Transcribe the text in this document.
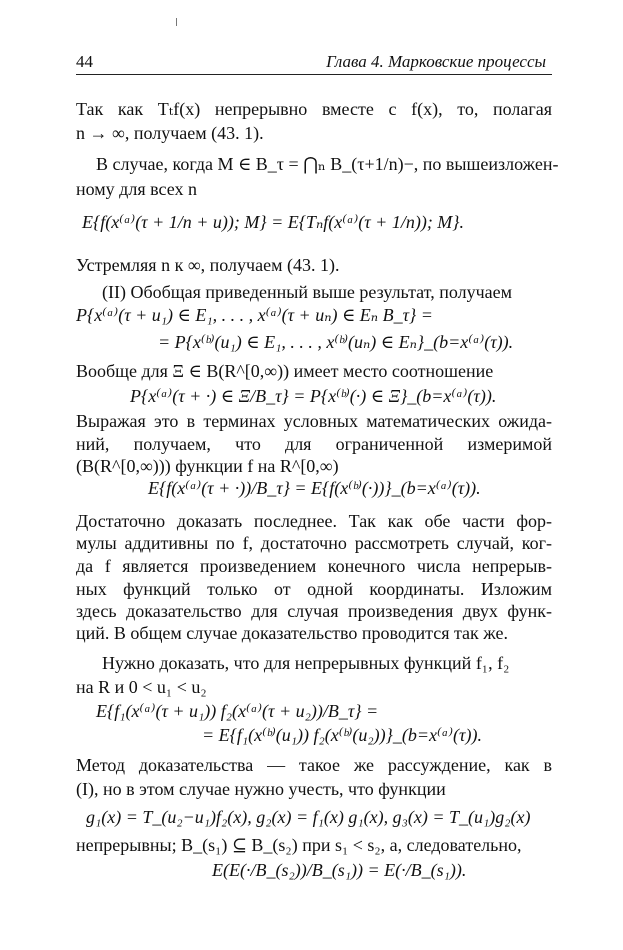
44	Глава 4. Марковские процессы
Так как Tₜf(x) непрерывно вместе с f(x), то, полагая
n → ∞, получаем (43. 1).
В случае, когда M ∈ B_τ = ⋂ₙ B_(τ+1/n)−, по вышеизложен-
ному для всех n
E{f(x⁽ᵃ⁾(τ + 1/n + u)); M} = E{Tₙf(x⁽ᵃ⁾(τ + 1/n)); M}.
Устремляя n к ∞, получаем (43. 1).
(II) Обобщая приведенный выше результат, получаем
P{x⁽ᵃ⁾(τ + u₁) ∈ E₁, . . . , x⁽ᵃ⁾(τ + uₙ) ∈ Eₙ B_τ} =
= P{x⁽ᵇ⁾(u₁) ∈ E₁, . . . , x⁽ᵇ⁾(uₙ) ∈ Eₙ}_(b=x⁽ᵃ⁾(τ)).
Вообще для Ξ ∈ B(R^[0,∞)) имеет место соотношение
P{x⁽ᵃ⁾(τ + ·) ∈ Ξ/B_τ} = P{x⁽ᵇ⁾(·) ∈ Ξ}_(b=x⁽ᵃ⁾(τ)).
Выражая это в терминах условных математических ожида-
ний, получаем, что для ограниченной измеримой
(B(R^[0,∞))) функции f на R^[0,∞)
E{f(x⁽ᵃ⁾(τ + ·))/B_τ} = E{f(x⁽ᵇ⁾(·))}_(b=x⁽ᵃ⁾(τ)).
Достаточно доказать последнее. Так как обе части фор-
мулы аддитивны по f, достаточно рассмотреть случай, ког-
да f является произведением конечного числа непрерыв-
ных функций только от одной координаты. Изложим
здесь доказательство для случая произведения двух функ-
ций. В общем случае доказательство проводится так же.
Нужно доказать, что для непрерывных функций f₁, f₂
на R и 0 < u₁ < u₂
E{f₁(x⁽ᵃ⁾(τ + u₁)) f₂(x⁽ᵃ⁾(τ + u₂))/B_τ} =
= E{f₁(x⁽ᵇ⁾(u₁)) f₂(x⁽ᵇ⁾(u₂))}_(b=x⁽ᵃ⁾(τ)).
Метод доказательства — такое же рассуждение, как в
(I), но в этом случае нужно учесть, что функции
g₁(x) = T_(u₂−u₁)f₂(x), g₂(x) = f₁(x) g₁(x), g₃(x) = T_(u₁)g₂(x)
непрерывны; B_(s₁) ⊆ B_(s₂) при s₁ < s₂, а, следовательно,
E(E(·/B_(s₂))/B_(s₁)) = E(·/B_(s₁)).
